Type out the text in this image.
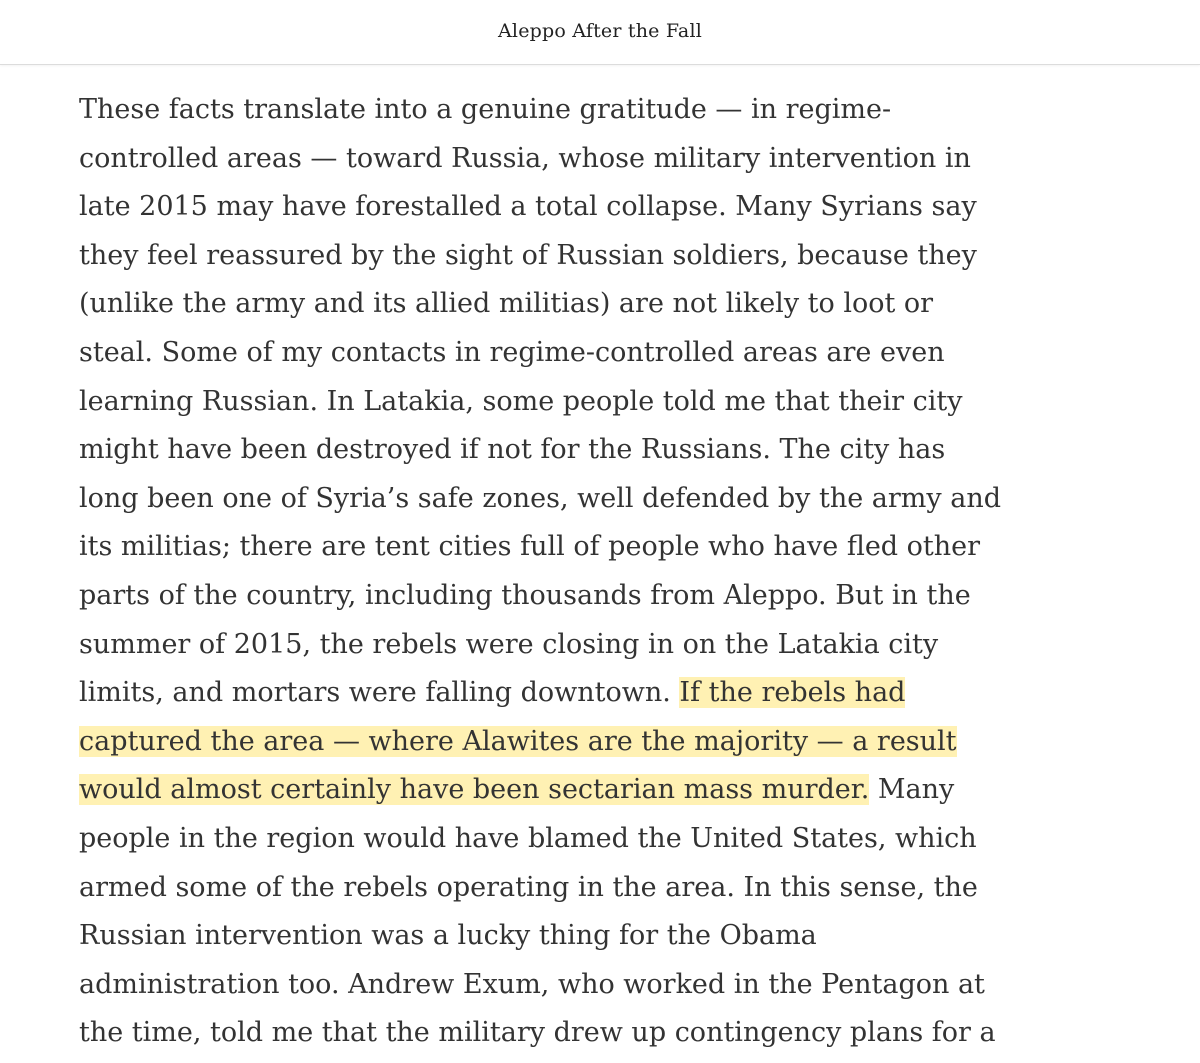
Aleppo After the Fall

These facts translate into a genuine gratitude — in regime-
controlled areas — toward Russia, whose military intervention in
late 2015 may have forestalled a total collapse. Many Syrians say
they feel reassured by the sight of Russian soldiers, because they
(unlike the army and its allied militias) are not likely to loot or
steal. Some of my contacts in regime-controlled areas are even
learning Russian. In Latakia, some people told me that their city
might have been destroyed if not for the Russians. The city has
long been one of Syria’s safe zones, well defended by the army and
its militias; there are tent cities full of people who have fled other
parts of the country, including thousands from Aleppo. But in the
summer of 2015, the rebels were closing in on the Latakia city
limits, and mortars were falling downtown. If the rebels had
captured the area — where Alawites are the majority — a result
would almost certainly have been sectarian mass murder. Many
people in the region would have blamed the United States, which
armed some of the rebels operating in the area. In this sense, the
Russian intervention was a lucky thing for the Obama
administration too. Andrew Exum, who worked in the Pentagon at
the time, told me that the military drew up contingency plans for a
